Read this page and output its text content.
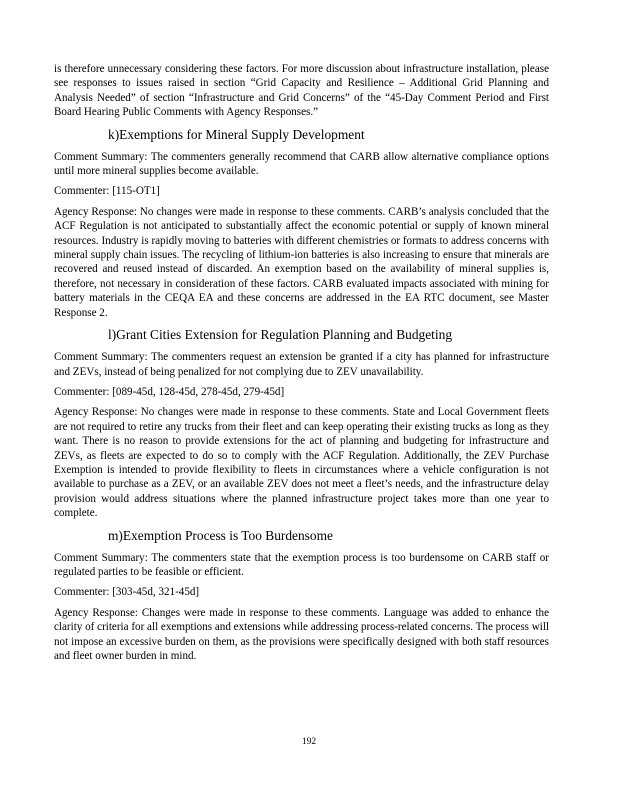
is therefore unnecessary considering these factors. For more discussion about infrastructure installation, please see responses to issues raised in section “Grid Capacity and Resilience – Additional Grid Planning and Analysis Needed” of section “Infrastructure and Grid Concerns” of the “45-Day Comment Period and First Board Hearing Public Comments with Agency Responses.”

k)Exemptions for Mineral Supply Development

Comment Summary: The commenters generally recommend that CARB allow alternative compliance options until more mineral supplies become available.

Commenter: [115-OT1]

Agency Response: No changes were made in response to these comments. CARB’s analysis concluded that the ACF Regulation is not anticipated to substantially affect the economic potential or supply of known mineral resources. Industry is rapidly moving to batteries with different chemistries or formats to address concerns with mineral supply chain issues. The recycling of lithium-ion batteries is also increasing to ensure that minerals are recovered and reused instead of discarded. An exemption based on the availability of mineral supplies is, therefore, not necessary in consideration of these factors. CARB evaluated impacts associated with mining for battery materials in the CEQA EA and these concerns are addressed in the EA RTC document, see Master Response 2.

l)Grant Cities Extension for Regulation Planning and Budgeting

Comment Summary: The commenters request an extension be granted if a city has planned for infrastructure and ZEVs, instead of being penalized for not complying due to ZEV unavailability.

Commenter: [089-45d, 128-45d, 278-45d, 279-45d]

Agency Response: No changes were made in response to these comments. State and Local Government fleets are not required to retire any trucks from their fleet and can keep operating their existing trucks as long as they want. There is no reason to provide extensions for the act of planning and budgeting for infrastructure and ZEVs, as fleets are expected to do so to comply with the ACF Regulation. Additionally, the ZEV Purchase Exemption is intended to provide flexibility to fleets in circumstances where a vehicle configuration is not available to purchase as a ZEV, or an available ZEV does not meet a fleet’s needs, and the infrastructure delay provision would address situations where the planned infrastructure project takes more than one year to complete.

m)Exemption Process is Too Burdensome

Comment Summary: The commenters state that the exemption process is too burdensome on CARB staff or regulated parties to be feasible or efficient.

Commenter: [303-45d, 321-45d]

Agency Response: Changes were made in response to these comments. Language was added to enhance the clarity of criteria for all exemptions and extensions while addressing process-related concerns. The process will not impose an excessive burden on them, as the provisions were specifically designed with both staff resources and fleet owner burden in mind.

192
